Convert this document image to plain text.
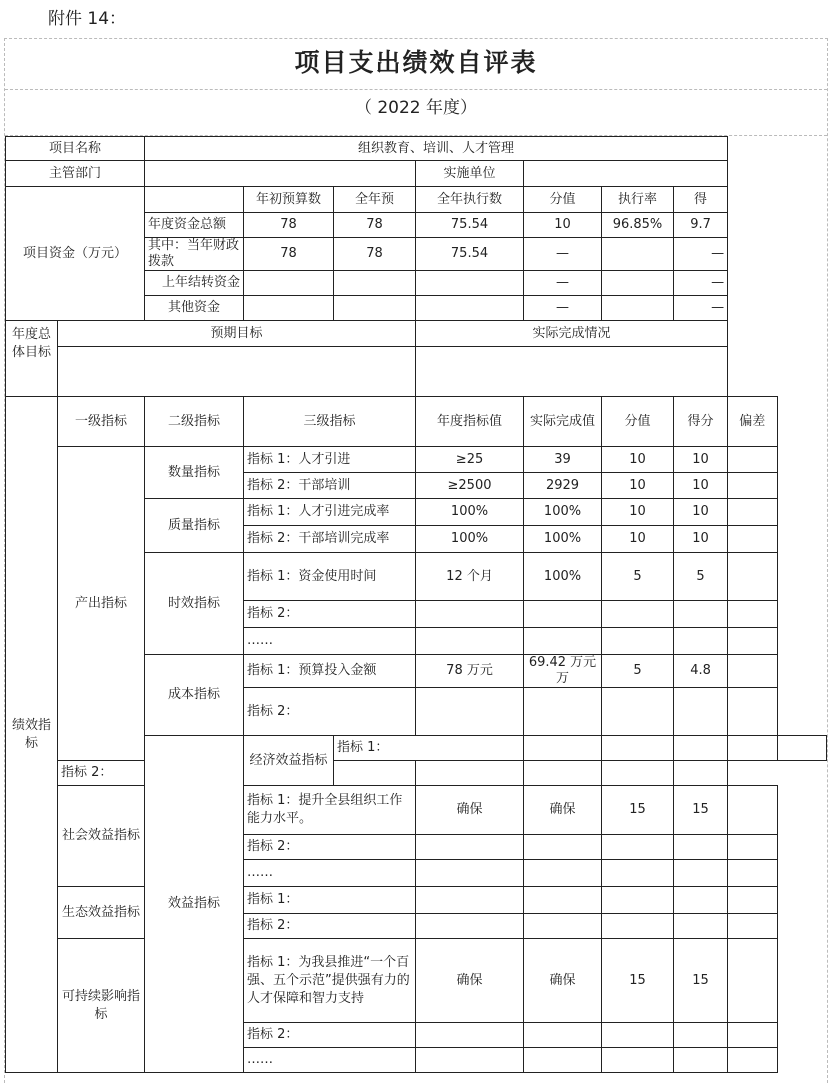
附件 14：
项目支出绩效自评表
（ 2022 年度）
项目名称		组织教育、培训、人才管理								
主管部门					实施单位					
项目资金（万元）			年初预算数	全年预	全年执行数	分值	执行率	得		
		年度资金总额	78	78	75.54	10	96.85%	9.7		
		其中：当年财政拨款	78	78	75.54	—		—		
		上年结转资金				—		—		
		其他资金				—		—		
年度总体目标	预期目标				实际完成情况					

绩效指标	一级指标	二级指标	三级指标		年度指标值	实际完成值	分值	得分	偏差	
	产出指标	数量指标	指标 1：人才引进		≥25	39	10	10		
			指标 2：干部培训		≥2500	2929	10	10		
		质量指标	指标 1：人才引进完成率		100%	100%	10	10		
			指标 2：干部培训完成率		100%	100%	10	10		
		时效指标	指标 1：资金使用时间		12 个月	100%	5	5		
			指标 2：							
			……							
		成本指标	指标 1：预算投入金额		78 万元	69.42 万元万	5	4.8		
			指标 2：							
		效益指标	经济效益指标	指标 1：						
	指标 2：									
	社会效益指标		指标 1：提升全县组织工作能力水平。		确保	确保	15	15		
			指标 2：							
			……							
	生态效益指标		指标 1：							
			指标 2：							
	可持续影响指标		指标 1：为我县推进“一个百强、五个示范”提供强有力的人才保障和智力支持		确保	确保	15	15		
			指标 2：							
			……							
